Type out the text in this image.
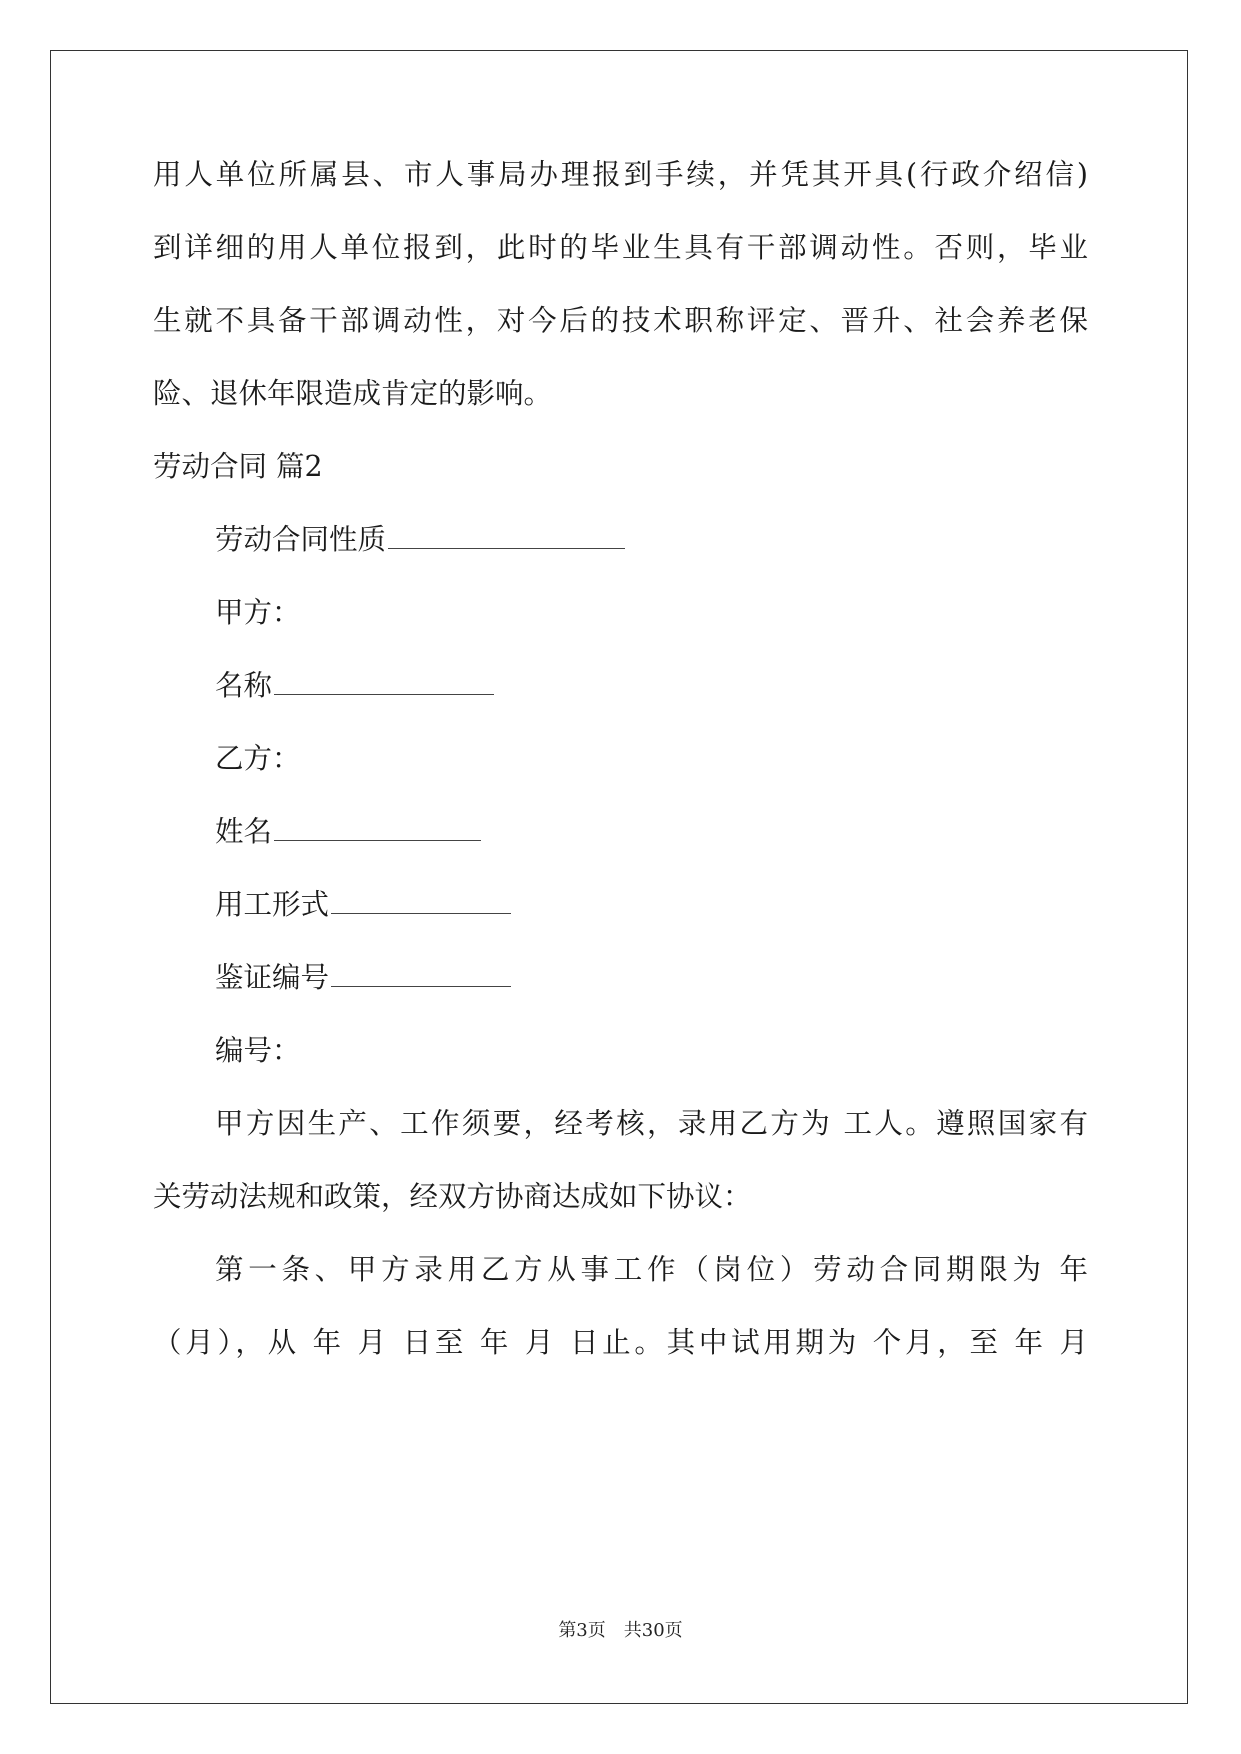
用人单位所属县、市人事局办理报到手续，并凭其开具(行政介绍信)
到详细的用人单位报到，此时的毕业生具有干部调动性。否则，毕业
生就不具备干部调动性，对今后的技术职称评定、晋升、社会养老保
险、退休年限造成肯定的影响。
劳动合同 篇2
劳动合同性质
甲方：
名称
乙方：
姓名
用工形式
鉴证编号
编号：
甲方因生产、工作须要，经考核，录用乙方为 工人。遵照国家有
关劳动法规和政策，经双方协商达成如下协议：
第一条、甲方录用乙方从事工作（岗位）劳动合同期限为 年
（月），从 年 月 日至 年 月 日止。其中试用期为 个月，至 年 月
第3页　共30页
